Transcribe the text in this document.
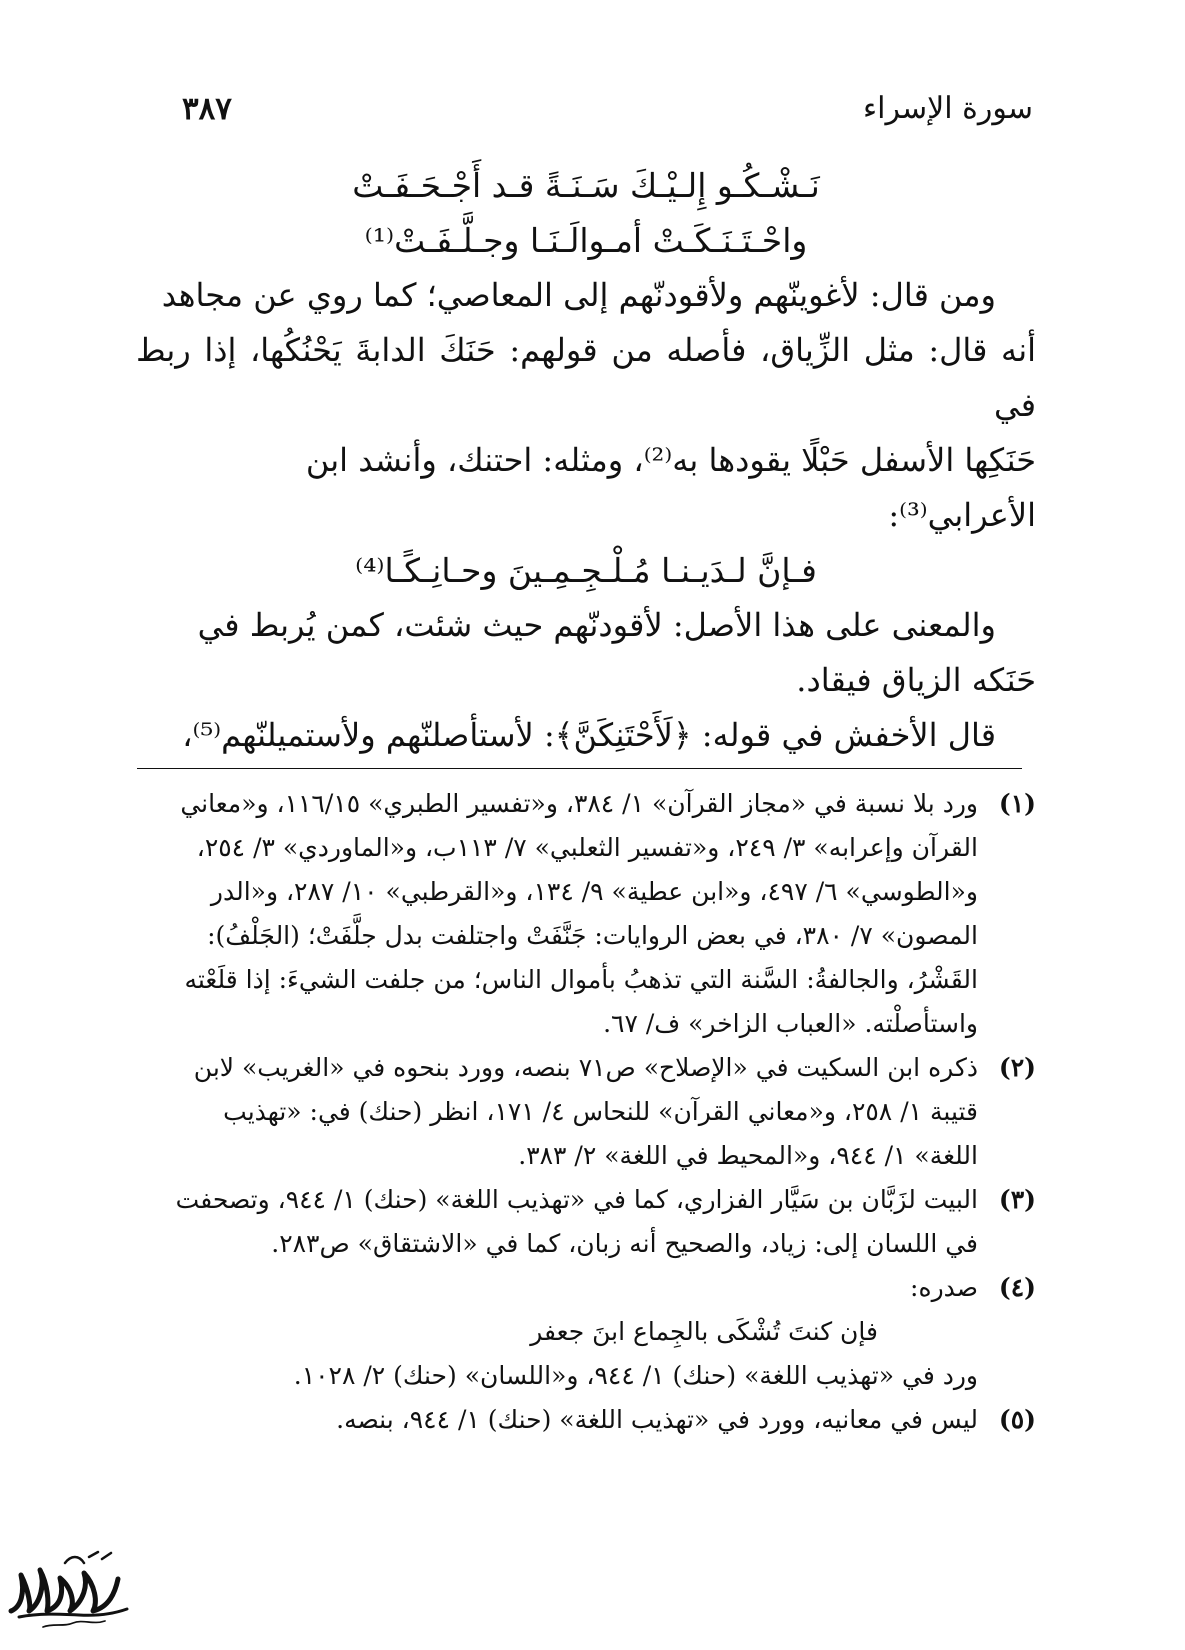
سورة الإسراء
٣٨٧
نَـشْـكُـو إِلـيْـكَ سَـنَـةً قـد أَجْـحَـفَـتْ
واحْـتَـنَـكَـتْ أمـوالَـنَـا وجـلَّـفَـتْ⁽¹⁾

ومن قال: لأغوينّهم ولأقودنّهم إلى المعاصي؛ كما روي عن مجاهد

أنه قال: مثل الزِّياق، فأصله من قولهم: حَنَكَ الدابةَ يَحْنُكُها، إذا ربط في

حَنَكِها الأسفل حَبْلًا يقودها به⁽²⁾، ومثله: احتنك، وأنشد ابن

الأعرابي⁽³⁾:

فـإنَّ لـدَيـنـا مُـلْـجِـمِـينَ وحـانِـكًـا⁽⁴⁾

والمعنى على هذا الأصل: لأقودنّهم حيث شئت، كمن يُربط في

حَنَكه الزياق فيقاد.

قال الأخفش في قوله: ﴿لَأَحْتَنِكَنَّ﴾: لأستأصلنّهم ولأستميلنّهم⁽⁵⁾،

(١)
ورد بلا نسبة في «مجاز القرآن» ١/ ٣٨٤، و«تفسير الطبري» ١١٦/١٥، و«معاني
القرآن وإعرابه» ٣/ ٢٤٩، و«تفسير الثعلبي» ٧/ ١١٣ب، و«الماوردي» ٣/ ٢٥٤،
و«الطوسي» ٦/ ٤٩٧، و«ابن عطية» ٩/ ١٣٤، و«القرطبي» ١٠/ ٢٨٧، و«الدر
المصون» ٧/ ٣٨٠، في بعض الروايات: جَنَّفَتْ واجتلفت بدل جلَّفَتْ؛ (الجَلْفُ):
القَشْرُ، والجالفةُ: السَّنة التي تذهبُ بأموال الناس؛ من جلفت الشيءَ: إذا قلَعْته
واستأصلْته. «العباب الزاخر» ف/ ٦٧.

(٢)
ذكره ابن السكيت في «الإصلاح» ص٧١ بنصه، وورد بنحوه في «الغريب» لابن
قتيبة ١/ ٢٥٨، و«معاني القرآن» للنحاس ٤/ ١٧١، انظر (حنك) في: «تهذيب
اللغة» ١/ ٩٤٤، و«المحيط في اللغة» ٢/ ٣٨٣.

(٣)
البيت لزَبَّان بن سَيَّار الفزاري، كما في «تهذيب اللغة» (حنك) ١/ ٩٤٤، وتصحفت
في اللسان إلى: زياد، والصحيح أنه زبان، كما في «الاشتقاق» ص٢٨٣.

(٤)
صدره:

فإن كنتَ تُشْكَى بالجِماع ابنَ جعفر
ورد في «تهذيب اللغة» (حنك) ١/ ٩٤٤، و«اللسان» (حنك) ٢/ ١٠٢٨.

(٥)
ليس في معانيه، وورد في «تهذيب اللغة» (حنك) ١/ ٩٤٤، بنصه.
